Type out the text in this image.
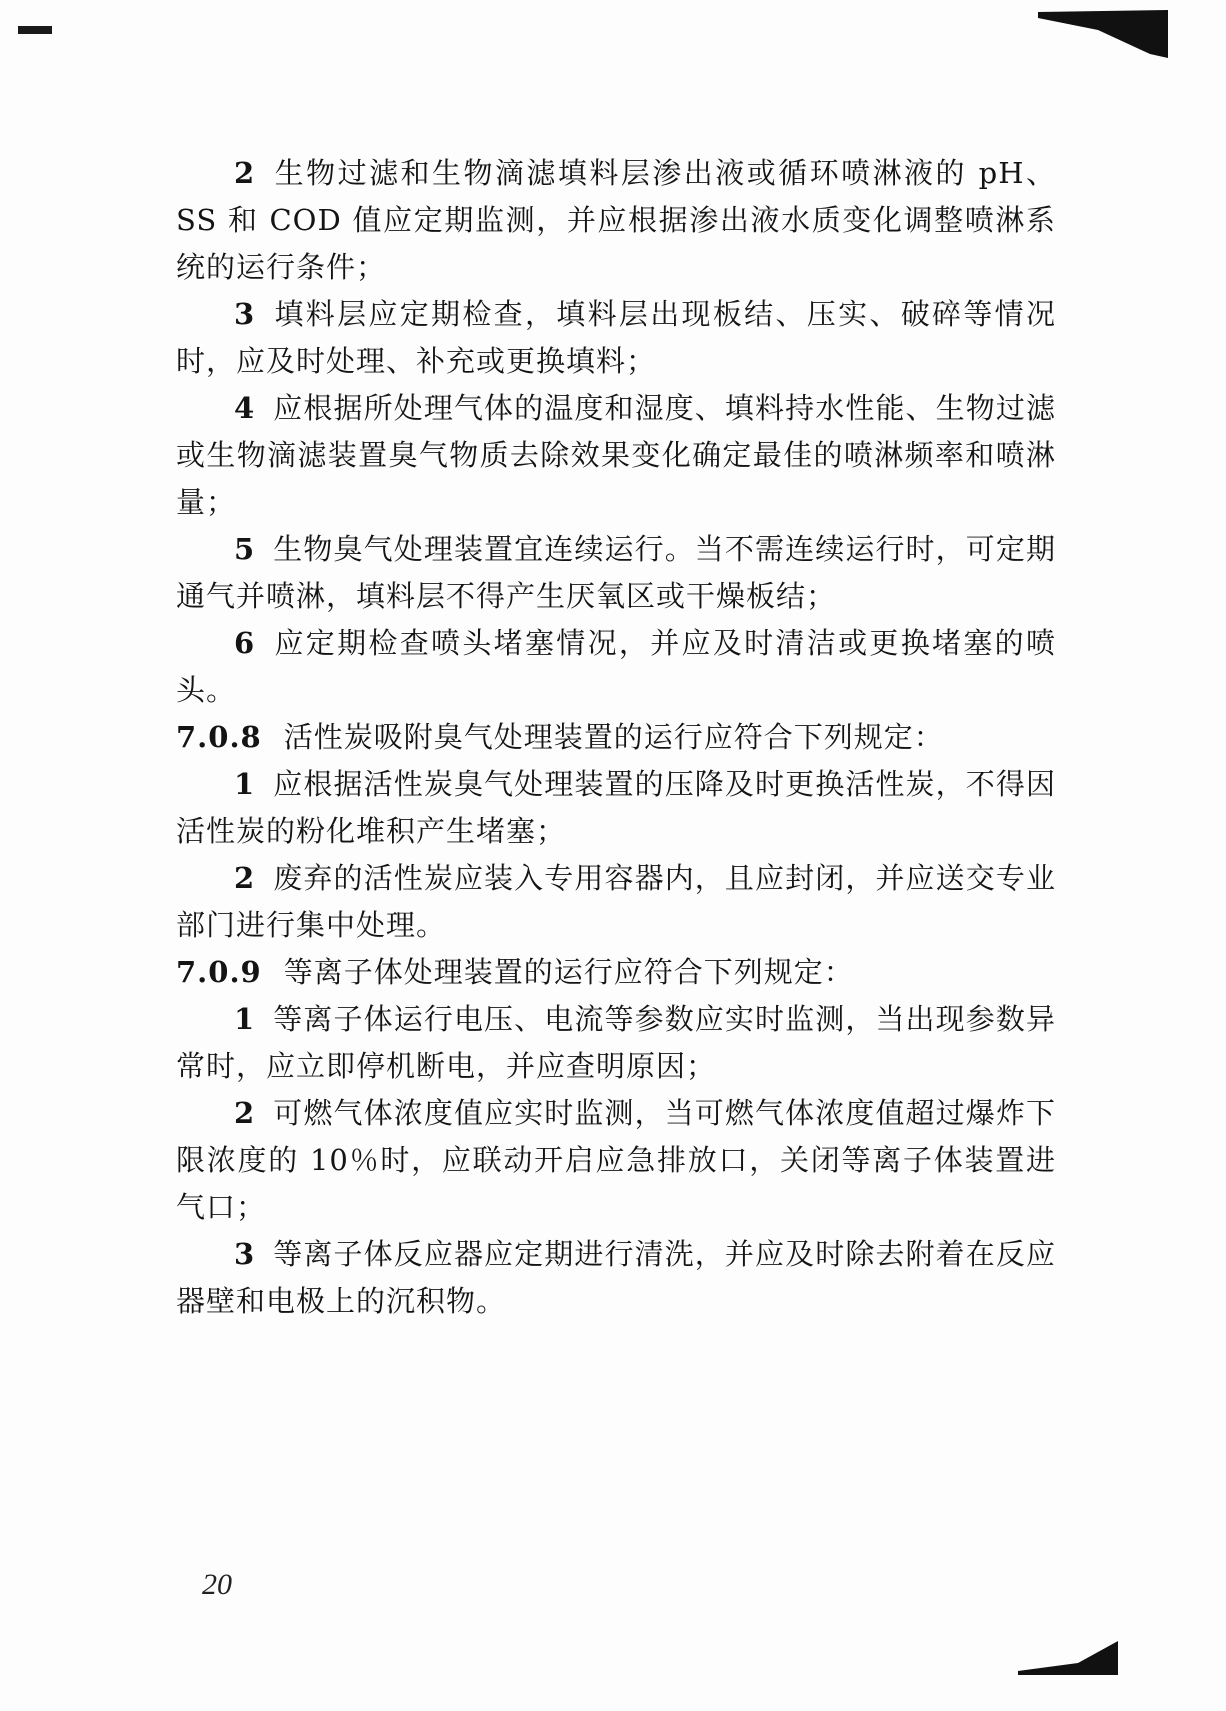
2 生物过滤和生物滴滤填料层渗出液或循环喷淋液的 pH、SS 和 COD 值应定期监测，并应根据渗出液水质变化调整喷淋系统的运行条件；

3 填料层应定期检查，填料层出现板结、压实、破碎等情况时，应及时处理、补充或更换填料；

4 应根据所处理气体的温度和湿度、填料持水性能、生物过滤或生物滴滤装置臭气物质去除效果变化确定最佳的喷淋频率和喷淋量；

5 生物臭气处理装置宜连续运行。当不需连续运行时，可定期通气并喷淋，填料层不得产生厌氧区或干燥板结；

6 应定期检查喷头堵塞情况，并应及时清洁或更换堵塞的喷头。

7.0.8 活性炭吸附臭气处理装置的运行应符合下列规定：

1 应根据活性炭臭气处理装置的压降及时更换活性炭，不得因活性炭的粉化堆积产生堵塞；

2 废弃的活性炭应装入专用容器内，且应封闭，并应送交专业部门进行集中处理。

7.0.9 等离子体处理装置的运行应符合下列规定：

1 等离子体运行电压、电流等参数应实时监测，当出现参数异常时，应立即停机断电，并应查明原因；

2 可燃气体浓度值应实时监测，当可燃气体浓度值超过爆炸下限浓度的 10％时，应联动开启应急排放口，关闭等离子体装置进气口；

3 等离子体反应器应定期进行清洗，并应及时除去附着在反应器壁和电极上的沉积物。

20
